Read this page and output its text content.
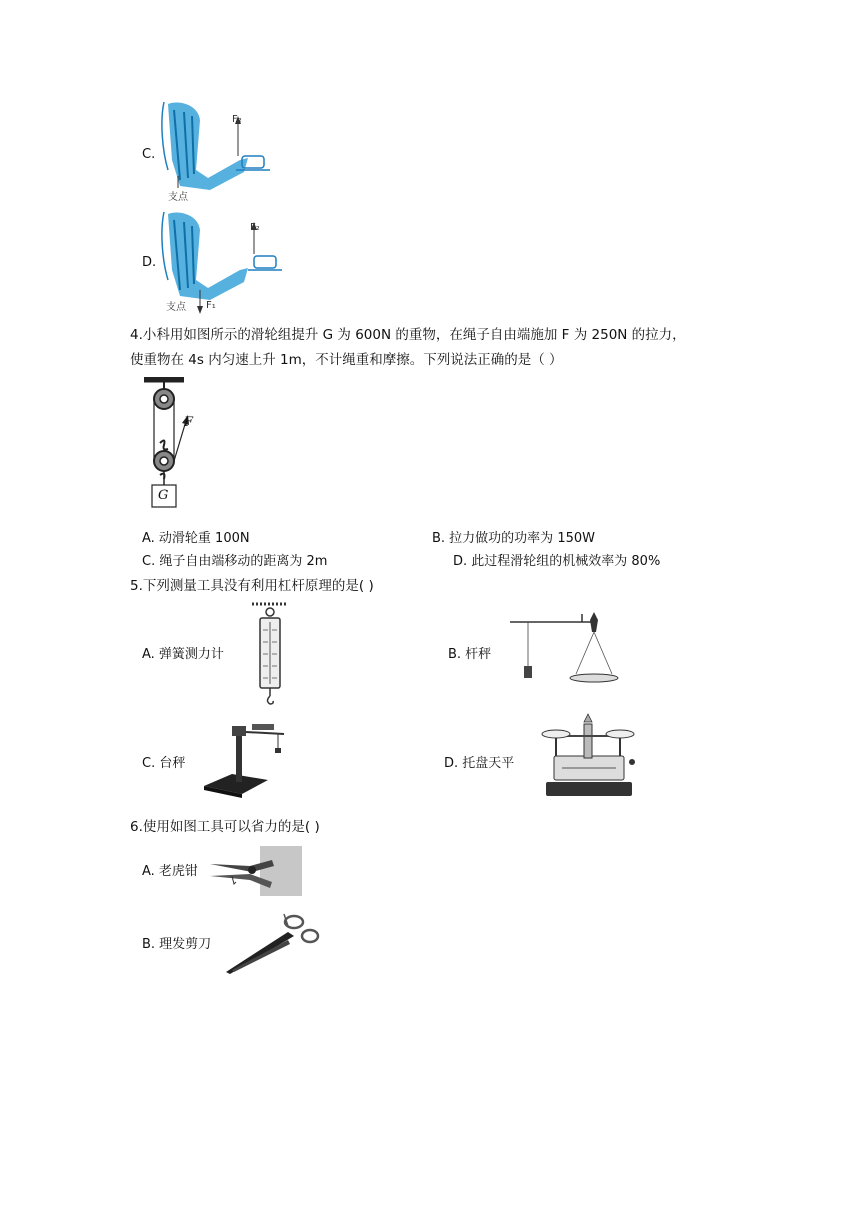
C.
F₂
支点
D.
F₂
支点 F₁
4.小科用如图所示的滑轮组提升 G 为 600N 的重物，在绳子自由端施加 F 为 250N 的拉力，
使重物在 4s 内匀速上升 1m，不计绳重和摩擦。下列说法正确的是（ ）
F
G
A. 动滑轮重 100N	B. 拉力做功的功率为 150W
C. 绳子自由端移动的距离为 2m	D. 此过程滑轮组的机械效率为 80%
5.下列测量工具没有利用杠杆原理的是( )
A. 弹簧测力计	B. 杆秤
C. 台秤	D. 托盘天平
6.使用如图工具可以省力的是( )
A. 老虎钳
B. 理发剪刀
